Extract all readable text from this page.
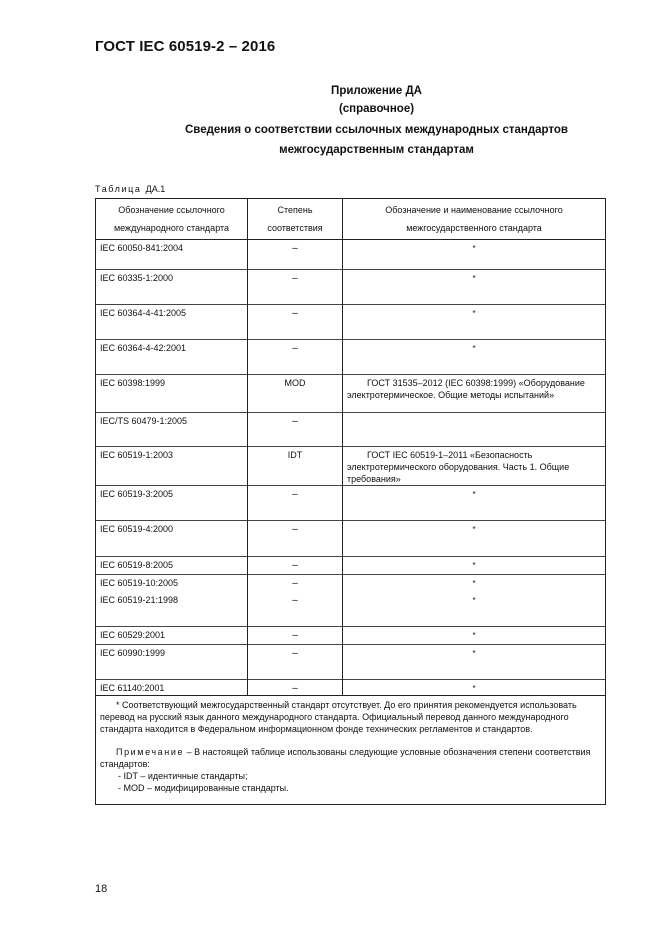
ГОСТ IEC 60519-2 – 2016
Приложение ДА
(справочное)
Сведения о соответствии ссылочных международных стандартов
межгосударственным стандартам
Таблица ДА.1
Обозначение ссылочного международного стандарта	Степень соответствия	Обозначение и наименование ссылочного межгосударственного стандарта
IEC 60050-841:2004	–	*
IEC 60335-1:2000	–	*
IEC 60364-4-41:2005	–	*
IEC 60364-4-42:2001	–	*
IEC 60398:1999	MOD	ГОСТ 31535–2012 (IEC 60398:1999) «Оборудование электротермическое. Общие методы испытаний»
IEC/TS 60479-1:2005	–	
IEC 60519-1:2003	IDT	ГОСТ IEC 60519-1–2011 «Безопасность электротермического оборудования. Часть 1. Общие требования»
IEC 60519-3:2005	–	*
IEC 60519-4:2000	–	*
IEC 60519-8:2005	–	*
IEC 60519-10:2005	–	*
IEC 60519-21:1998	–	*
IEC 60529:2001	–	*
IEC 60990:1999	–	*
IEC 61140:2001	–	*

* Соответствующий межгосударственный стандарт отсутствует. До его принятия рекомендуется использовать перевод на русский язык данного международного стандарта. Официальный перевод данного международного стандарта находится в Федеральном информационном фонде технических регламентов и стандартов.

Примечание – В настоящей таблице использованы следующие условные обозначения степени соответствия стандартов:

- IDT – идентичные стандарты;
- MOD – модифицированные стандарты.		
18
